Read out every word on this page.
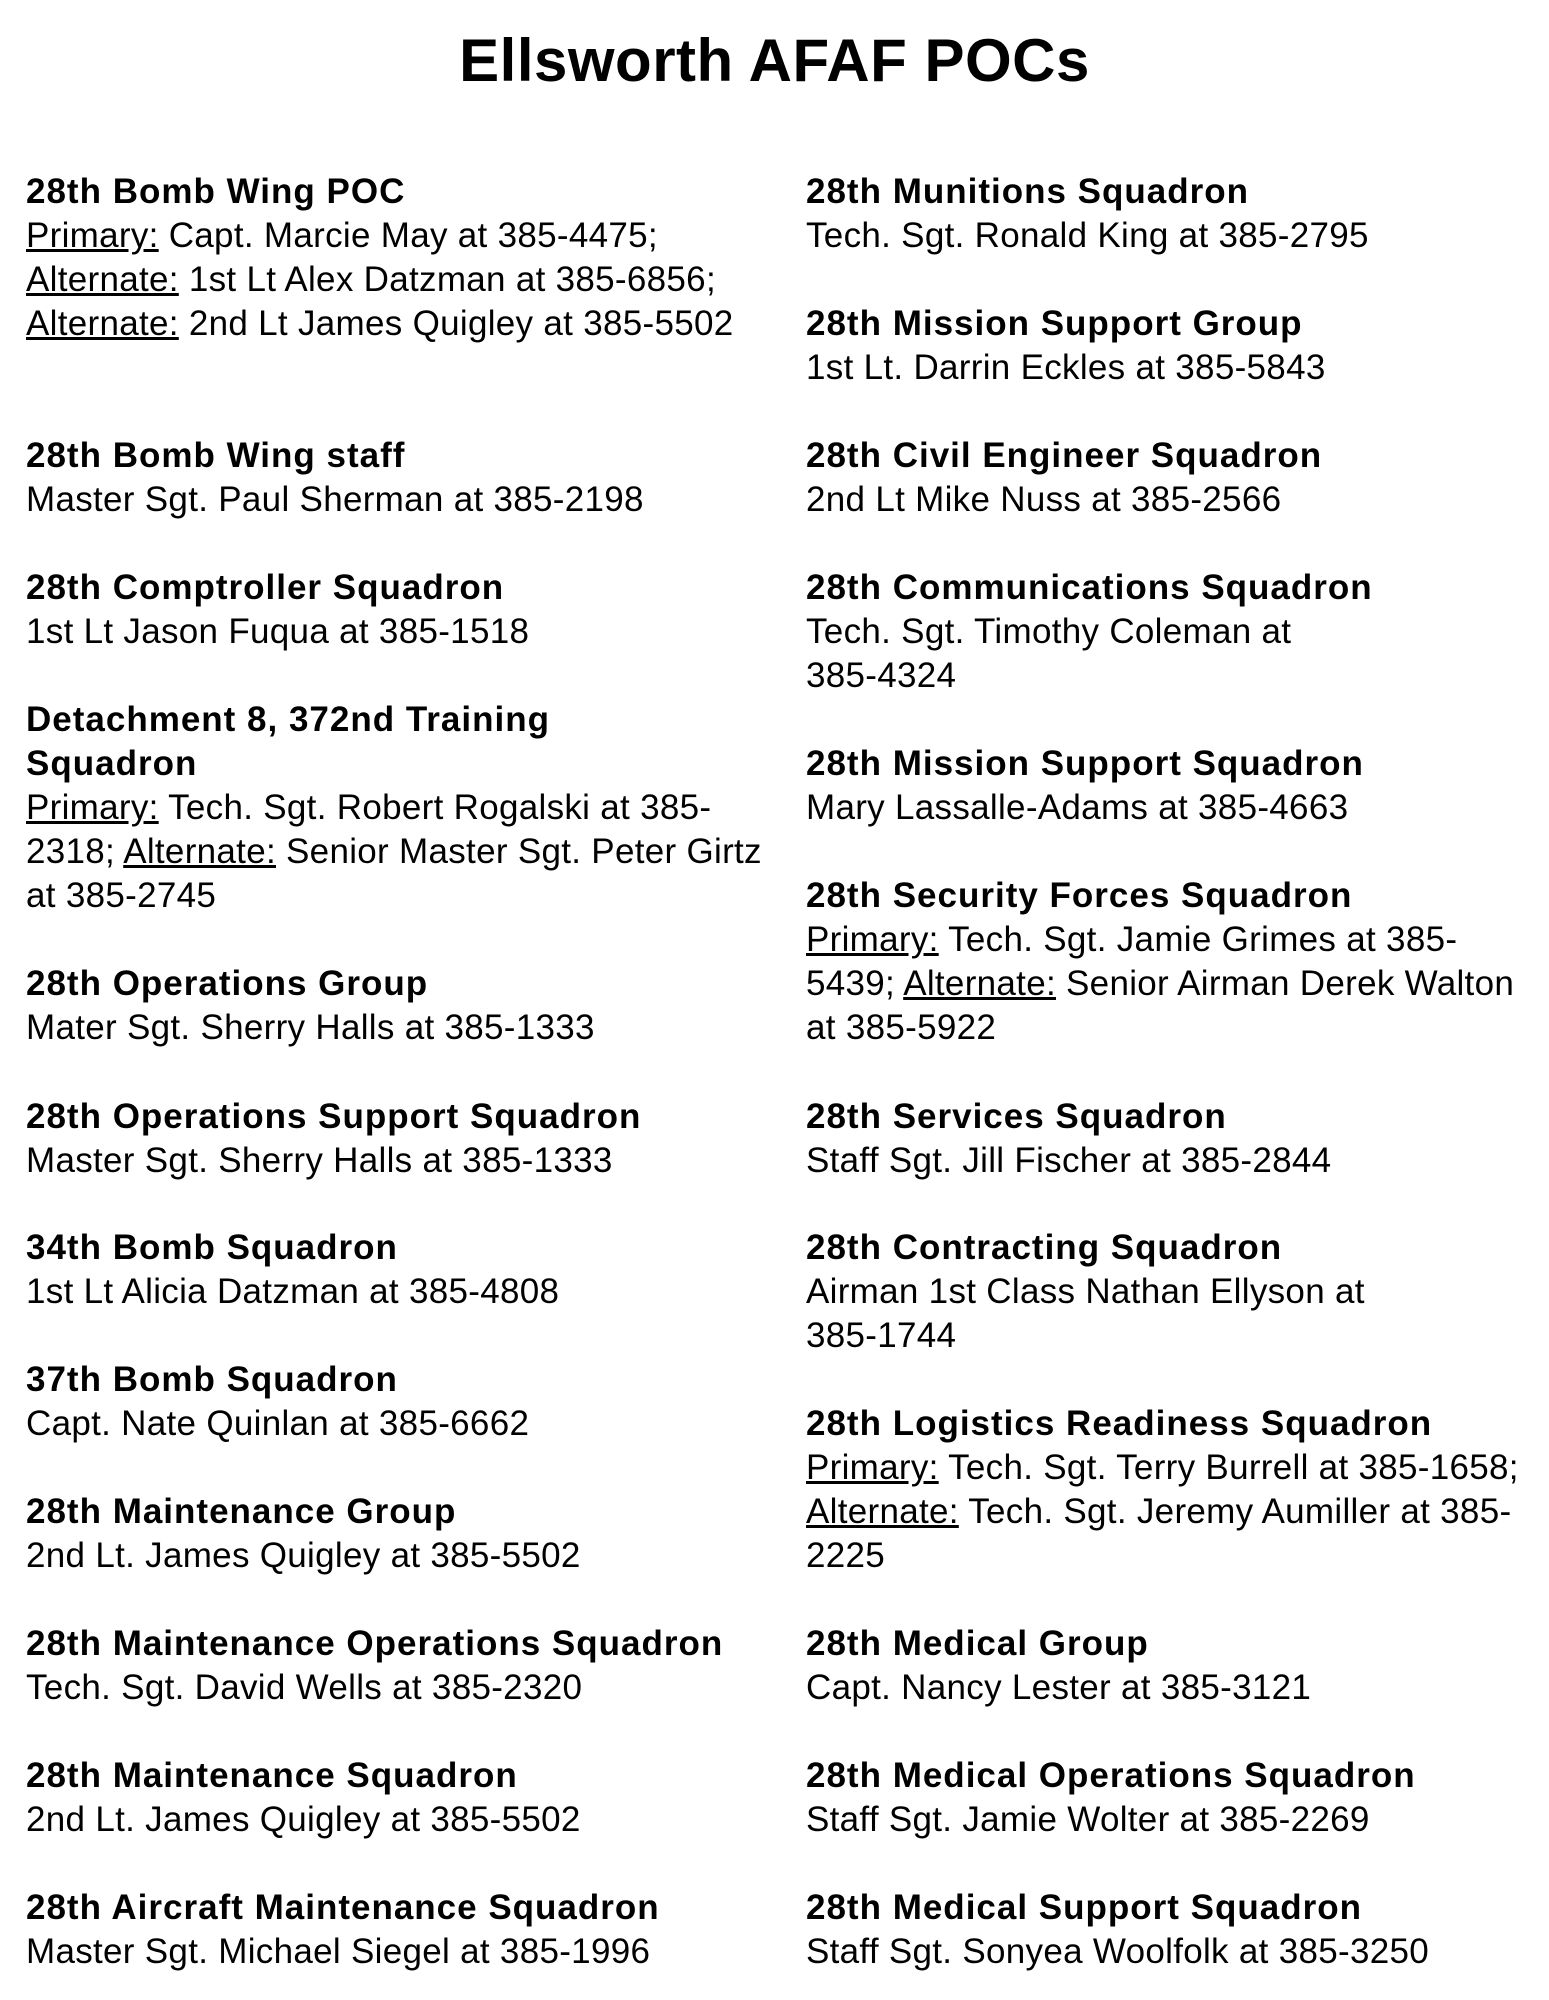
Ellsworth AFAF POCs

28th Bomb Wing POC

Primary: Capt. Marcie May at 385-4475;
Alternate: 1st Lt Alex Datzman at 385-6856; Alternate: 2nd Lt James Quigley at 385-5502

28th Bomb Wing staff

Master Sgt. Paul Sherman at 385-2198

28th Comptroller Squadron

1st Lt Jason Fuqua at 385-1518

Detachment 8, 372nd Training Squadron

Primary: Tech. Sgt. Robert Rogalski at 385-2318; Alternate: Senior Master Sgt. Peter Girtz at 385-2745

28th Operations Group

Mater Sgt. Sherry Halls at 385-1333

28th Operations Support Squadron

Master Sgt. Sherry Halls at 385-1333

34th Bomb Squadron

1st Lt Alicia Datzman at 385-4808

37th Bomb Squadron

Capt. Nate Quinlan at 385-6662

28th Maintenance Group

2nd Lt. James Quigley at 385-5502

28th Maintenance Operations Squadron

Tech. Sgt. David Wells at 385-2320

28th Maintenance Squadron

2nd Lt. James Quigley at 385-5502

28th Aircraft Maintenance Squadron

Master Sgt. Michael Siegel at 385-1996

28th Munitions Squadron

Tech. Sgt. Ronald King at 385-2795

28th Mission Support Group

1st Lt. Darrin Eckles at 385-5843

28th Civil Engineer Squadron

2nd Lt Mike Nuss at 385-2566

28th Communications Squadron

Tech. Sgt. Timothy Coleman at 385-4324

28th Mission Support Squadron

Mary Lassalle-Adams at 385-4663

28th Security Forces Squadron

Primary: Tech. Sgt. Jamie Grimes at 385-5439; Alternate: Senior Airman Derek Walton at 385-5922

28th Services Squadron

Staff Sgt. Jill Fischer at 385-2844

28th Contracting Squadron

Airman 1st Class Nathan Ellyson at 385-1744

28th Logistics Readiness Squadron

Primary: Tech. Sgt. Terry Burrell at 385-1658; Alternate: Tech. Sgt. Jeremy Aumiller at 385-2225

28th Medical Group

Capt. Nancy Lester at 385-3121

28th Medical Operations Squadron

Staff Sgt. Jamie Wolter at 385-2269

28th Medical Support Squadron

Staff Sgt. Sonyea Woolfolk at 385-3250
